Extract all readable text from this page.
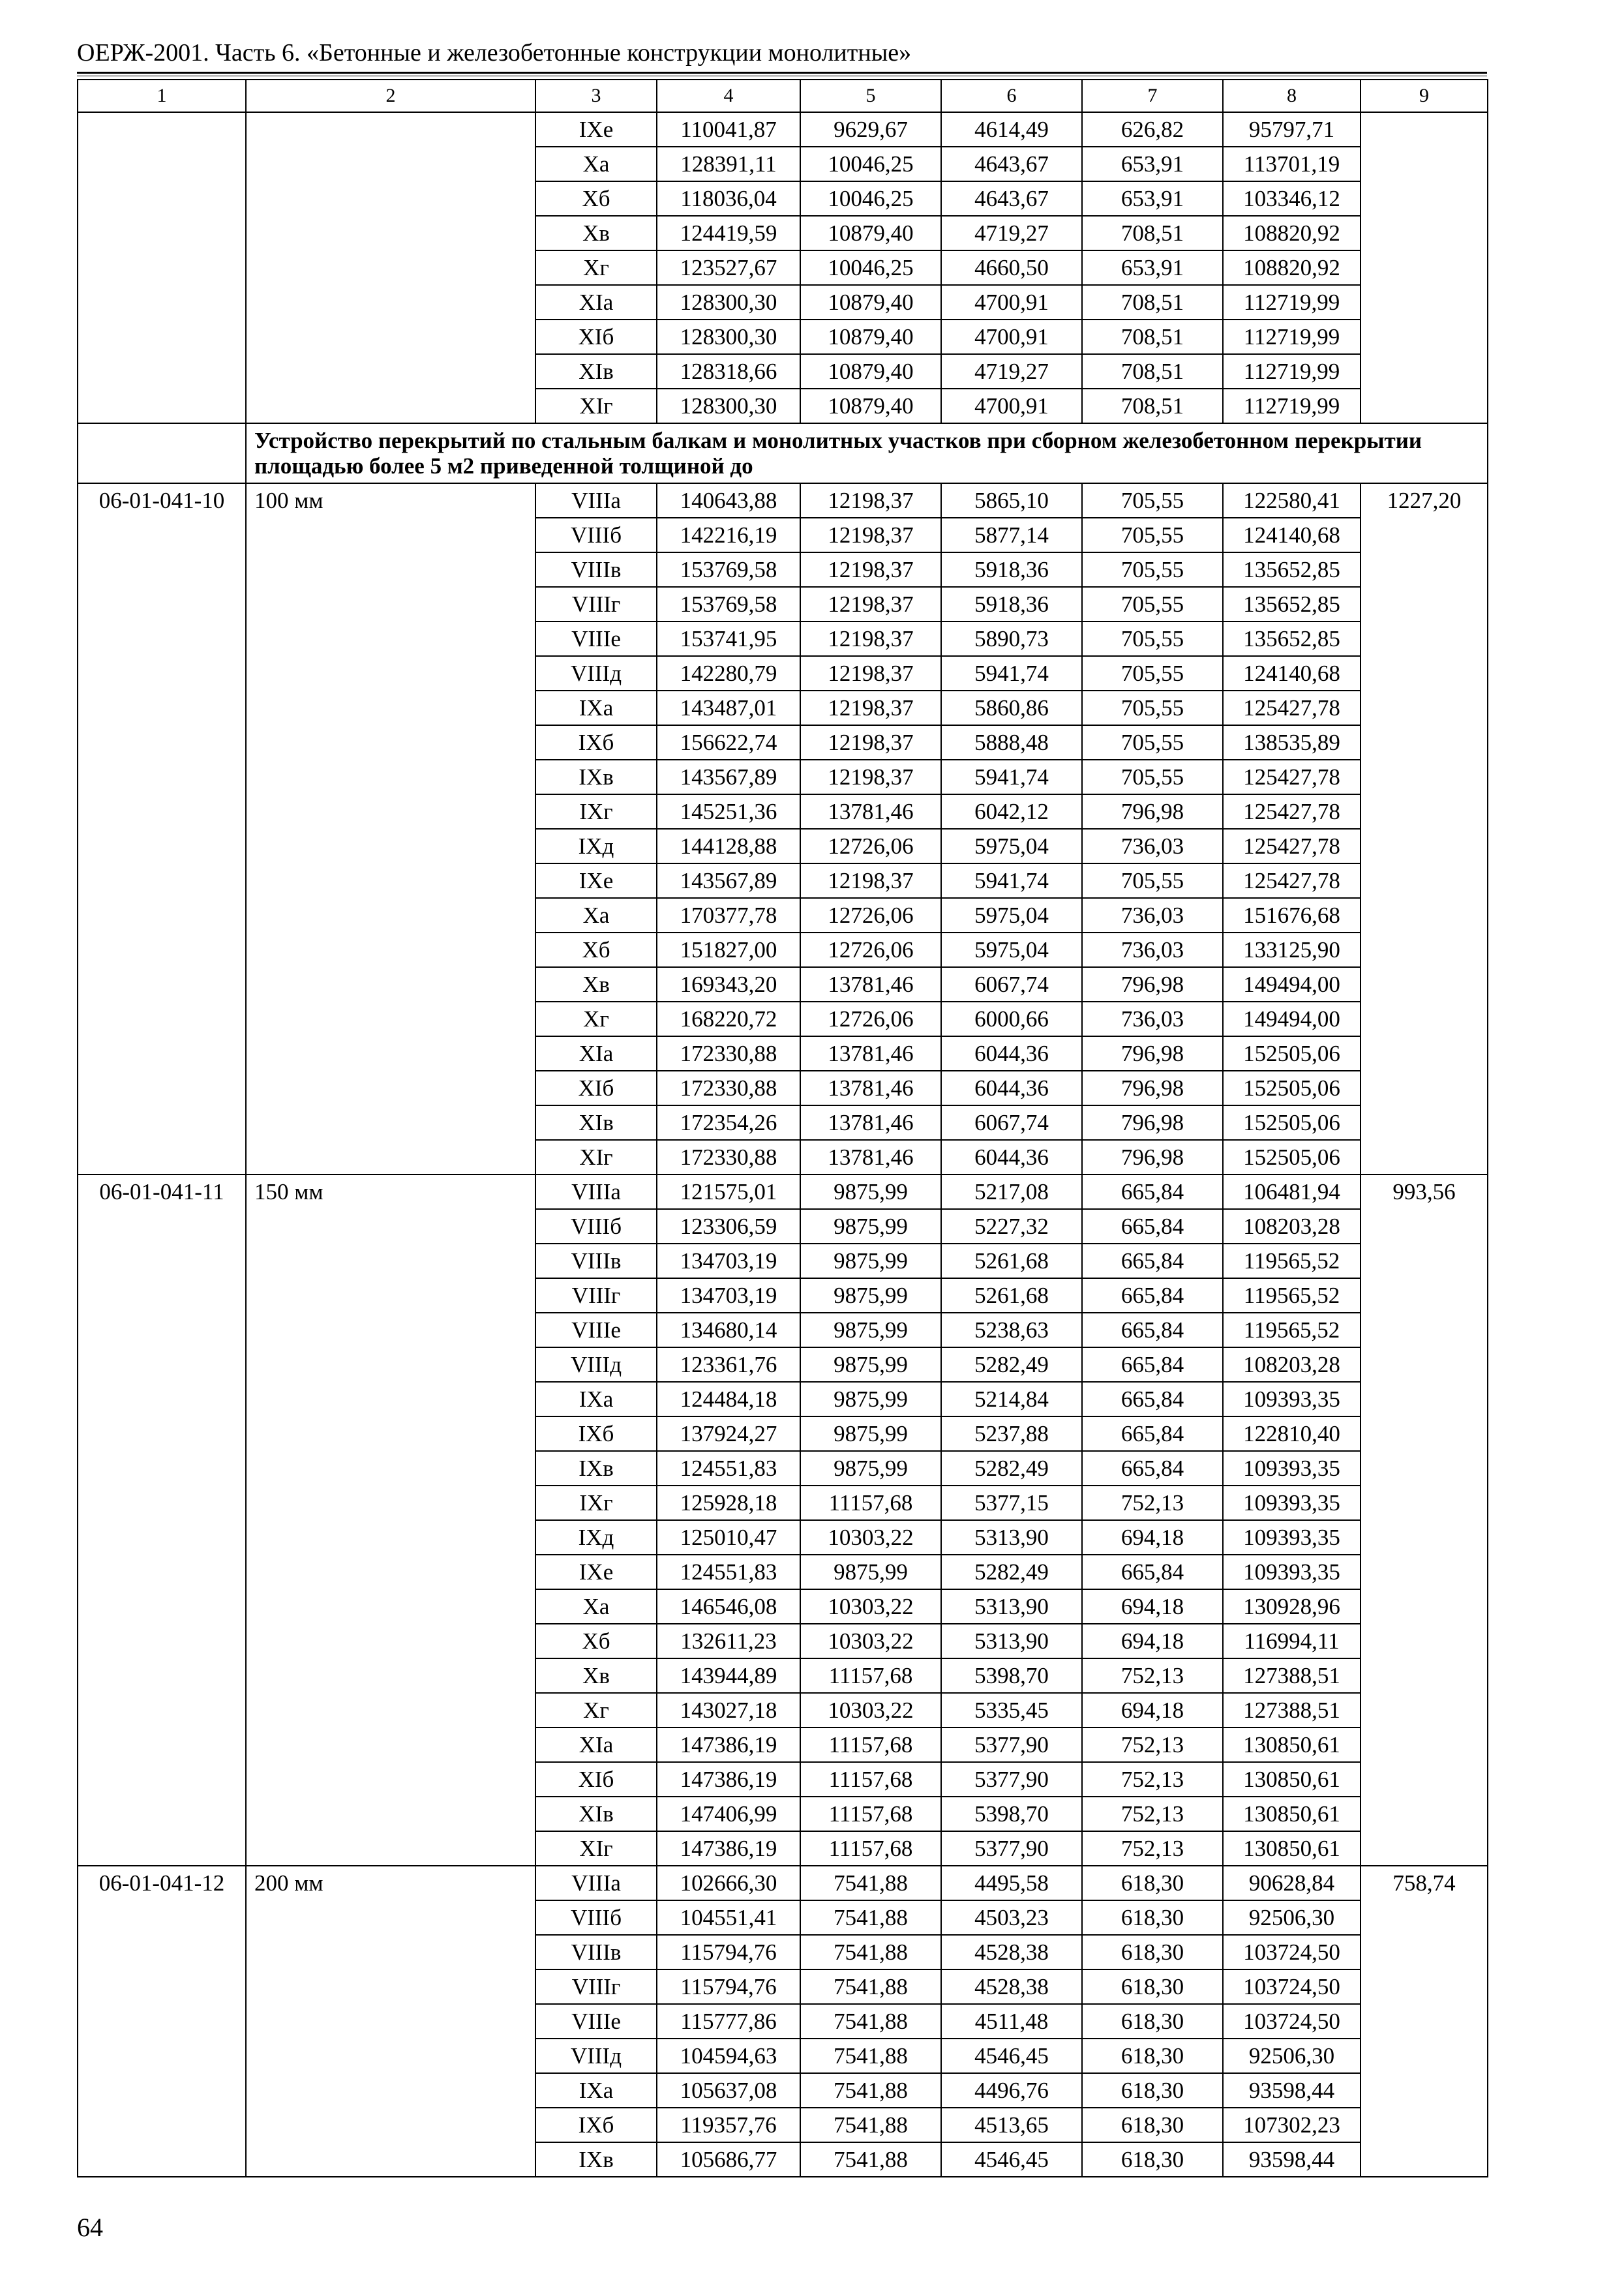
ОЕРЖ-2001. Часть 6. «Бетонные и железобетонные конструкции монолитные»
1	2	3	4	5	6	7	8	9
		IXе	110041,87	9629,67	4614,49	626,82	95797,71	
		Xа	128391,11	10046,25	4643,67	653,91	113701,19	
		Xб	118036,04	10046,25	4643,67	653,91	103346,12	
		Xв	124419,59	10879,40	4719,27	708,51	108820,92	
		Xг	123527,67	10046,25	4660,50	653,91	108820,92	
		XIа	128300,30	10879,40	4700,91	708,51	112719,99	
		XIб	128300,30	10879,40	4700,91	708,51	112719,99	
		XIв	128318,66	10879,40	4719,27	708,51	112719,99	
		XIг	128300,30	10879,40	4700,91	708,51	112719,99	
	Устройство перекрытий по стальным балкам и монолитных участков при сборном железобетонном перекрытии площадью более 5 м2 приведенной толщиной до							
06-01-041-10	100 мм	VIIIа	140643,88	12198,37	5865,10	705,55	122580,41	1227,20
		VIIIб	142216,19	12198,37	5877,14	705,55	124140,68	
		VIIIв	153769,58	12198,37	5918,36	705,55	135652,85	
		VIIIг	153769,58	12198,37	5918,36	705,55	135652,85	
		VIIIе	153741,95	12198,37	5890,73	705,55	135652,85	
		VIIIд	142280,79	12198,37	5941,74	705,55	124140,68	
		IXа	143487,01	12198,37	5860,86	705,55	125427,78	
		IXб	156622,74	12198,37	5888,48	705,55	138535,89	
		IXв	143567,89	12198,37	5941,74	705,55	125427,78	
		IXг	145251,36	13781,46	6042,12	796,98	125427,78	
		IXд	144128,88	12726,06	5975,04	736,03	125427,78	
		IXе	143567,89	12198,37	5941,74	705,55	125427,78	
		Xа	170377,78	12726,06	5975,04	736,03	151676,68	
		Xб	151827,00	12726,06	5975,04	736,03	133125,90	
		Xв	169343,20	13781,46	6067,74	796,98	149494,00	
		Xг	168220,72	12726,06	6000,66	736,03	149494,00	
		XIа	172330,88	13781,46	6044,36	796,98	152505,06	
		XIб	172330,88	13781,46	6044,36	796,98	152505,06	
		XIв	172354,26	13781,46	6067,74	796,98	152505,06	
		XIг	172330,88	13781,46	6044,36	796,98	152505,06	
06-01-041-11	150 мм	VIIIа	121575,01	9875,99	5217,08	665,84	106481,94	993,56
		VIIIб	123306,59	9875,99	5227,32	665,84	108203,28	
		VIIIв	134703,19	9875,99	5261,68	665,84	119565,52	
		VIIIг	134703,19	9875,99	5261,68	665,84	119565,52	
		VIIIе	134680,14	9875,99	5238,63	665,84	119565,52	
		VIIIд	123361,76	9875,99	5282,49	665,84	108203,28	
		IXа	124484,18	9875,99	5214,84	665,84	109393,35	
		IXб	137924,27	9875,99	5237,88	665,84	122810,40	
		IXв	124551,83	9875,99	5282,49	665,84	109393,35	
		IXг	125928,18	11157,68	5377,15	752,13	109393,35	
		IXд	125010,47	10303,22	5313,90	694,18	109393,35	
		IXе	124551,83	9875,99	5282,49	665,84	109393,35	
		Xа	146546,08	10303,22	5313,90	694,18	130928,96	
		Xб	132611,23	10303,22	5313,90	694,18	116994,11	
		Xв	143944,89	11157,68	5398,70	752,13	127388,51	
		Xг	143027,18	10303,22	5335,45	694,18	127388,51	
		XIа	147386,19	11157,68	5377,90	752,13	130850,61	
		XIб	147386,19	11157,68	5377,90	752,13	130850,61	
		XIв	147406,99	11157,68	5398,70	752,13	130850,61	
		XIг	147386,19	11157,68	5377,90	752,13	130850,61	
06-01-041-12	200 мм	VIIIа	102666,30	7541,88	4495,58	618,30	90628,84	758,74
		VIIIб	104551,41	7541,88	4503,23	618,30	92506,30	
		VIIIв	115794,76	7541,88	4528,38	618,30	103724,50	
		VIIIг	115794,76	7541,88	4528,38	618,30	103724,50	
		VIIIе	115777,86	7541,88	4511,48	618,30	103724,50	
		VIIIд	104594,63	7541,88	4546,45	618,30	92506,30	
		IXа	105637,08	7541,88	4496,76	618,30	93598,44	
		IXб	119357,76	7541,88	4513,65	618,30	107302,23	
		IXв	105686,77	7541,88	4546,45	618,30	93598,44	
64
